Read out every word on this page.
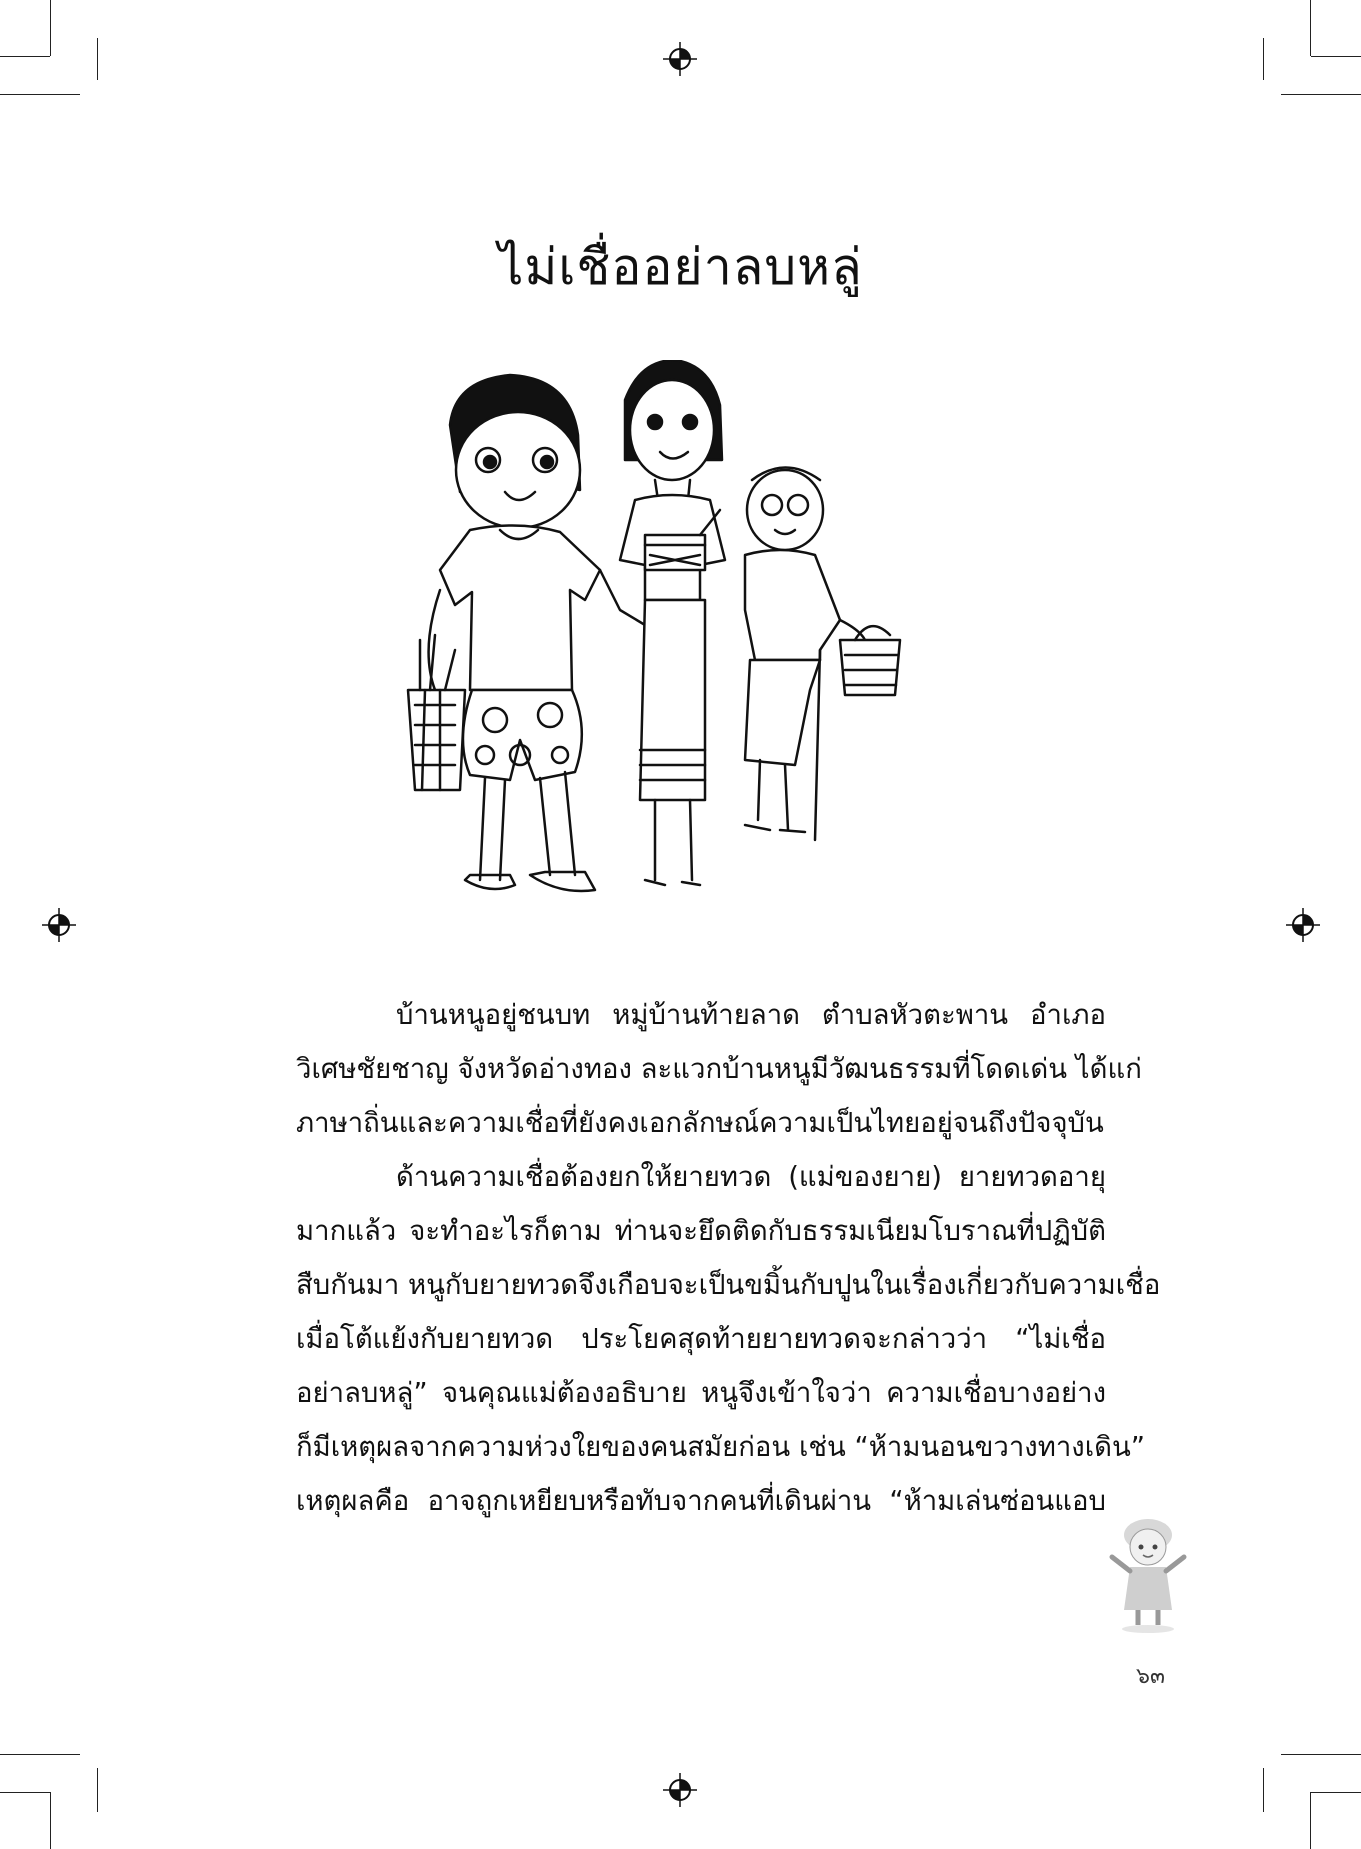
ไม่เชื่ออย่าลบหลู่
บ้านหนูอยู่ชนบท หมู่บ้านท้ายลาด ตำบลหัวตะพาน อำเภอ
วิเศษชัยชาญ จังหวัดอ่างทอง ละแวกบ้านหนูมีวัฒนธรรมที่โดดเด่น ได้แก่
ภาษาถิ่นและความเชื่อที่ยังคงเอกลักษณ์ความเป็นไทยอยู่จนถึงปัจจุบัน
ด้านความเชื่อต้องยกให้ยายทวด (แม่ของยาย) ยายทวดอายุ
มากแล้ว จะทำอะไรก็ตาม ท่านจะยึดติดกับธรรมเนียมโบราณที่ปฏิบัติ
สืบกันมา หนูกับยายทวดจึงเกือบจะเป็นขมิ้นกับปูนในเรื่องเกี่ยวกับความเชื่อ
เมื่อโต้แย้งกับยายทวด ประโยคสุดท้ายยายทวดจะกล่าวว่า “ไม่เชื่อ
อย่าลบหลู่” จนคุณแม่ต้องอธิบาย หนูจึงเข้าใจว่า ความเชื่อบางอย่าง
ก็มีเหตุผลจากความห่วงใยของคนสมัยก่อน เช่น “ห้ามนอนขวางทางเดิน”
เหตุผลคือ อาจถูกเหยียบหรือทับจากคนที่เดินผ่าน “ห้ามเล่นซ่อนแอบ
๖๓
